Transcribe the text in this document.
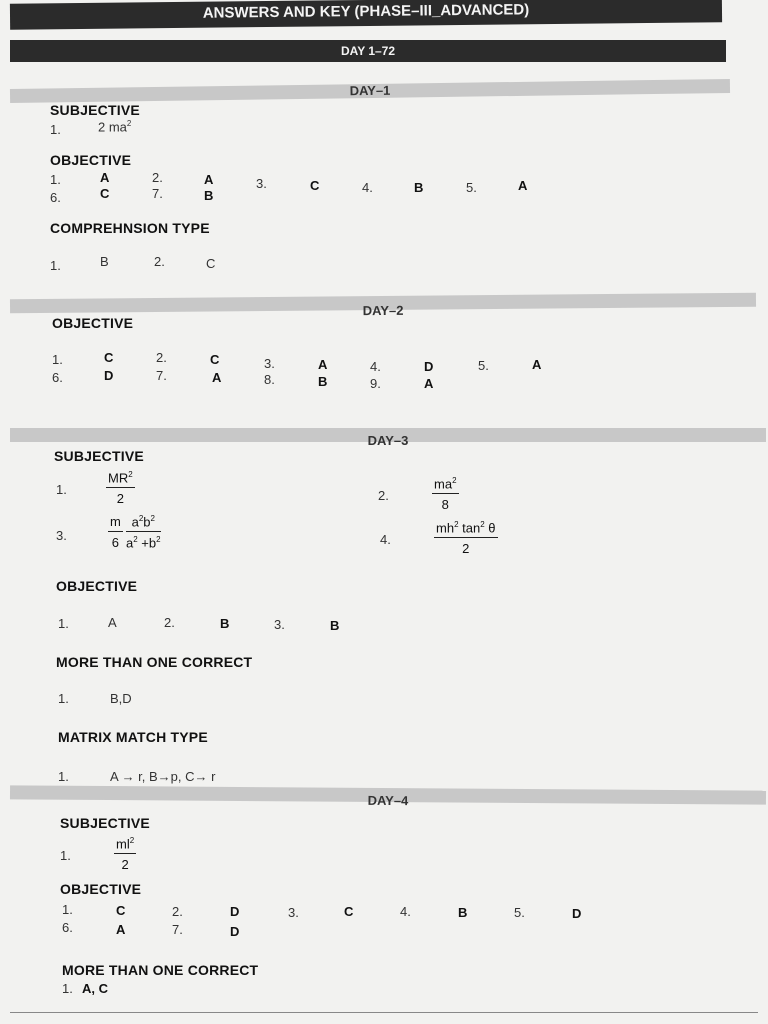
ANSWERS AND KEY (PHASE–III_ADVANCED)
DAY 1–72
DAY–1
SUBJECTIVE
1.	2 $ma^2$
OBJECTIVE
1.	A	2.	A	3.	C	4.	B	5.	A
6.	C	7.	B
COMPREHNSION TYPE
1.	B	2.	C
DAY–2
OBJECTIVE
1.	C	2.	C	3.	A	4.	D	5.	A
6.	D	7.	A	8.	B	9.	A
DAY–3
SUBJECTIVE
1.	$\frac{MR^2}{2}$	2.	$\frac{ma^2}{8}$
3.	$\frac{m}{6} \frac{a^2b^2}{a^2 +b^2}$	4.	$\frac{mh^2 \tan^2 \theta}{2}$
OBJECTIVE
1.	A	2.	B	3.	B
MORE THAN ONE CORRECT
1.	B,D
MATRIX MATCH TYPE
1.	A → r, B→p, C→ r
DAY–4
SUBJECTIVE
1.	$\frac{ml^2}{2}$
OBJECTIVE
1.	C	2.	D	3.	C	4.	B	5.	D
6.	A	7.	D
MORE THAN ONE CORRECT
1. A, C
